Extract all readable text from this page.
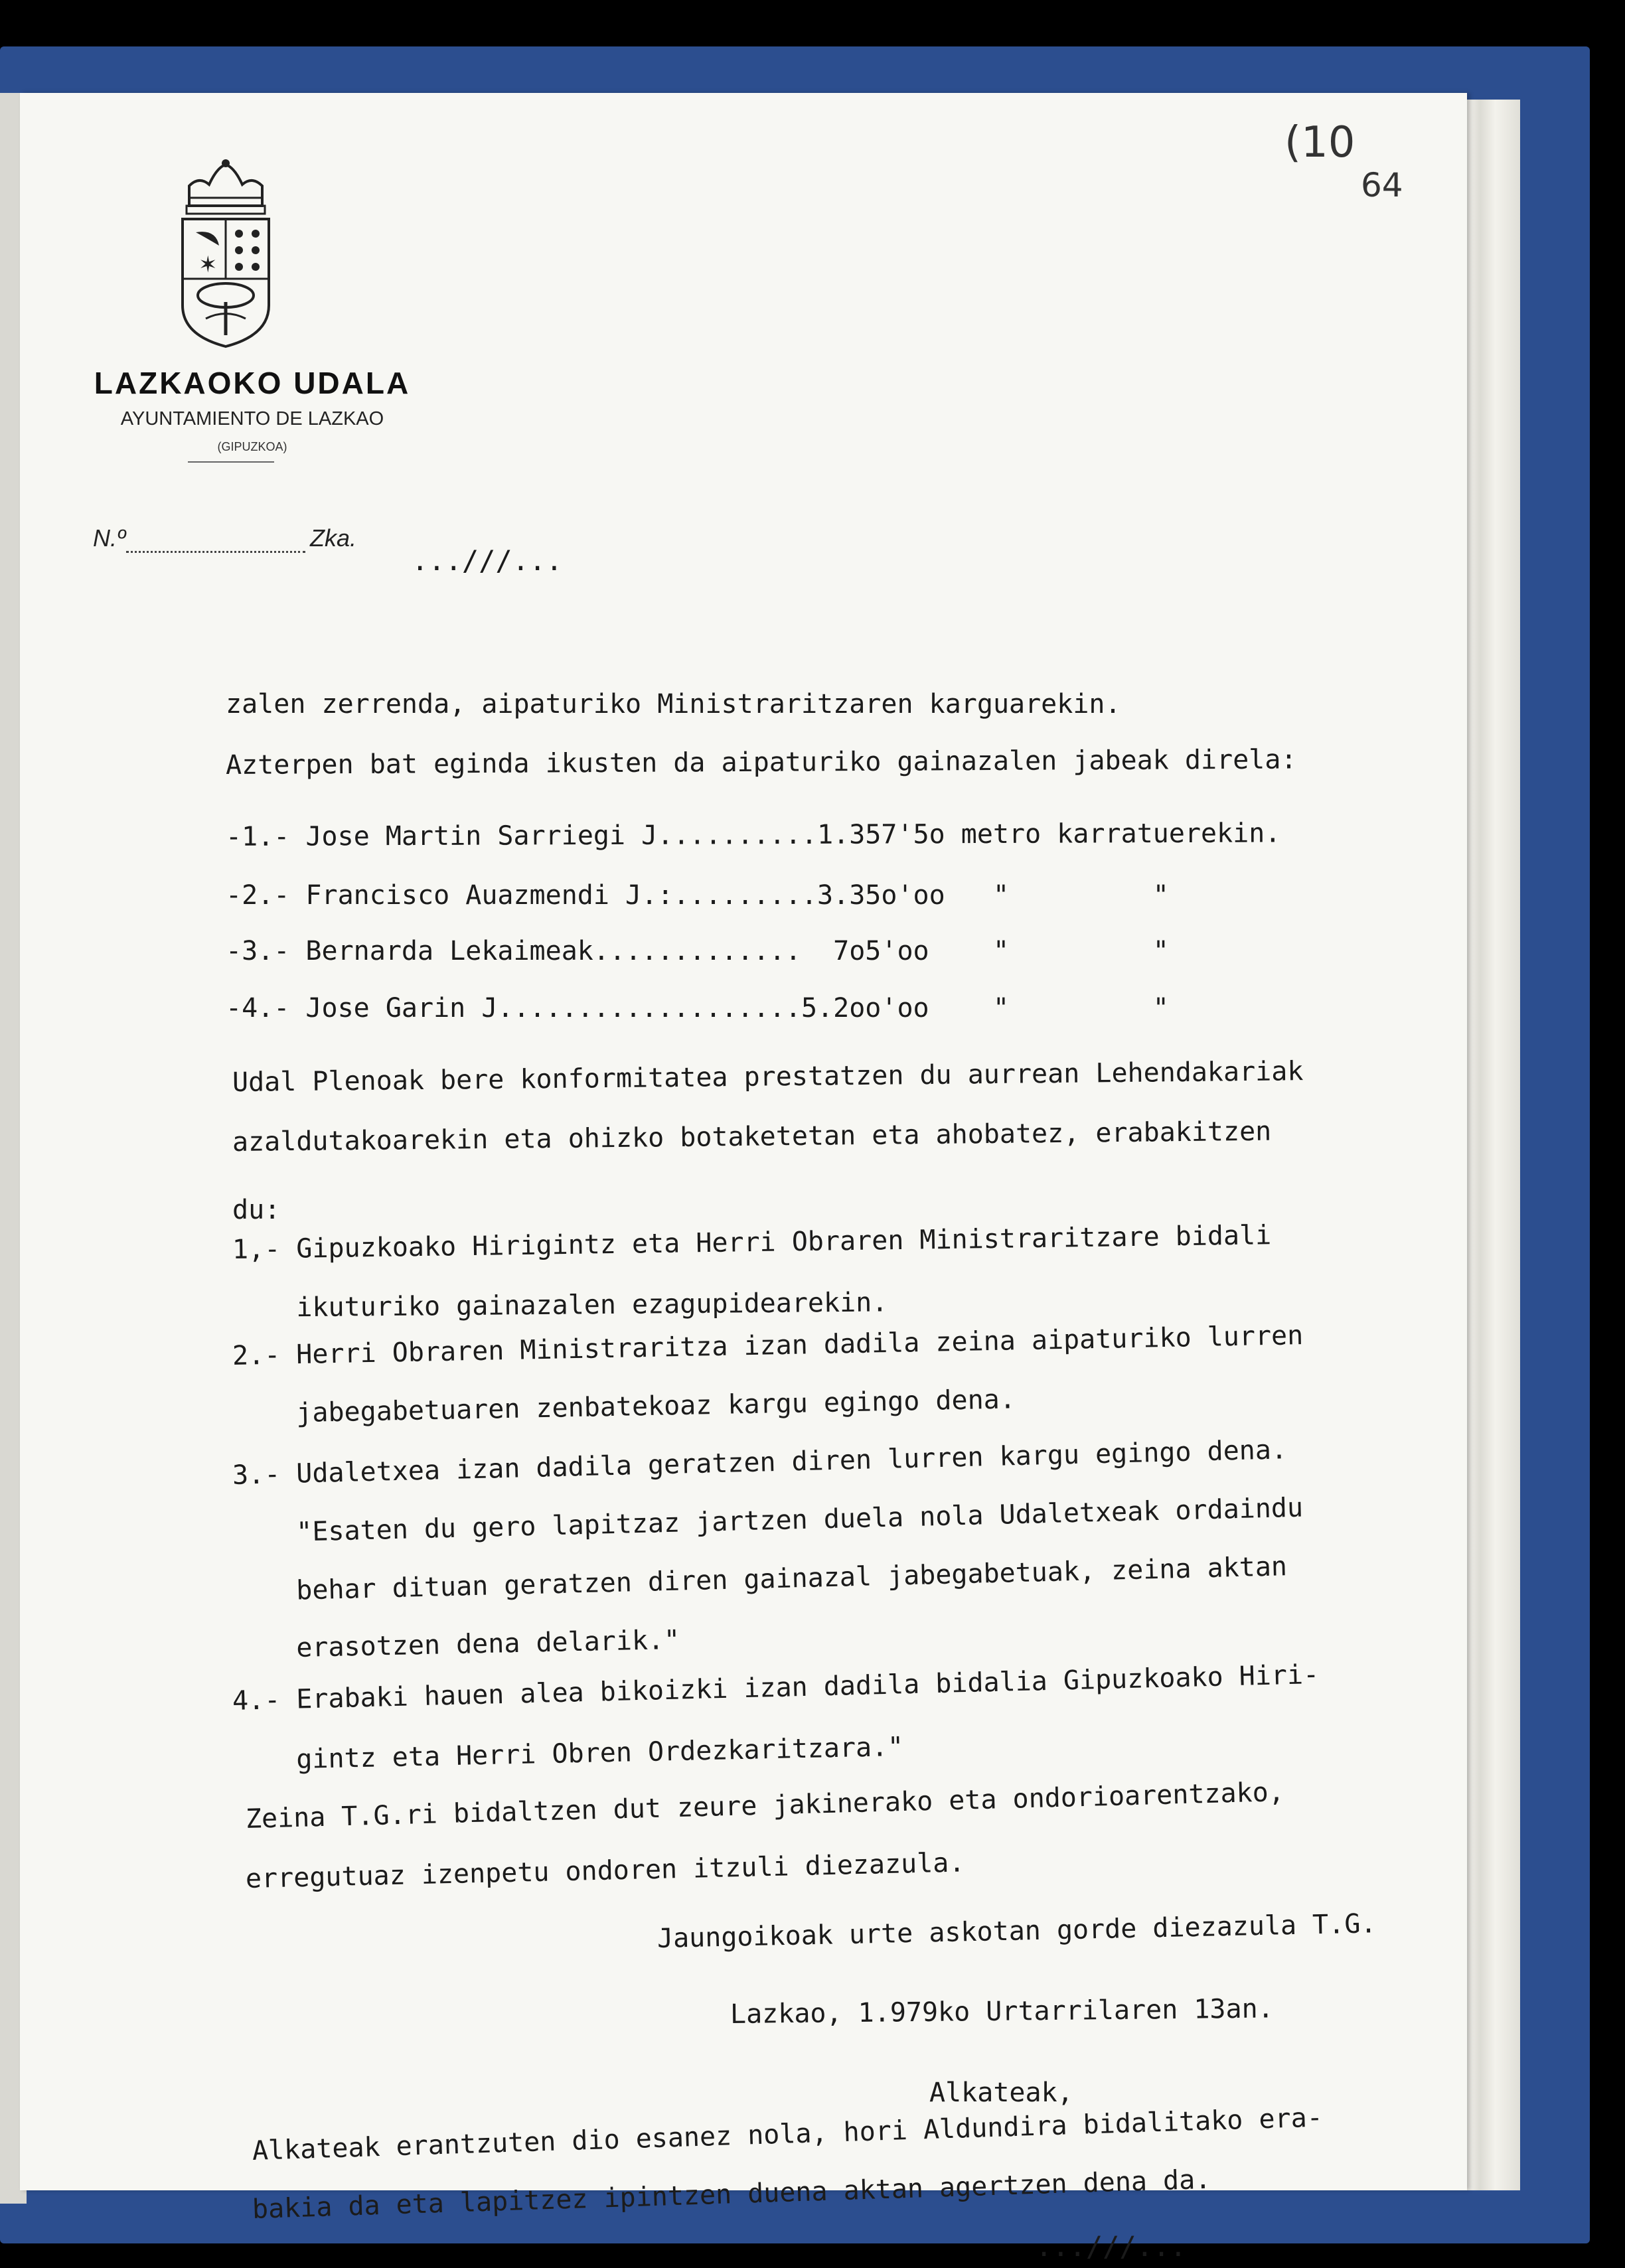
✶
LAZKAOKO UDALA
AYUNTAMIENTO DE LAZKAO
(GIPUZKOA)
N.º	Zka.
(10
64
...///...
zalen zerrenda, aipaturiko Ministraritzaren karguarekin.
Azterpen bat eginda ikusten da aipaturiko gainazalen jabeak direla:
-1.- Jose Martin Sarriegi J..........1.357'5o metro karratuerekin.
-2.- Francisco Auazmendi J.:.........3.35o'oo   "         "
-3.- Bernarda Lekaimeak.............  7o5'oo    "         "
-4.- Jose Garin J...................5.2oo'oo    "         "
Udal Plenoak bere konformitatea prestatzen du aurrean Lehendakariak
azaldutakoarekin eta ohizko botaketetan eta ahobatez, erabakitzen
du:
1,- Gipuzkoako Hirigintz eta Herri Obraren Ministraritzare bidali
ikuturiko gainazalen ezagupidearekin.
2.- Herri Obraren Ministraritza izan dadila zeina aipaturiko lurren
jabegabetuaren zenbatekoaz kargu egingo dena.
3.- Udaletxea izan dadila geratzen diren lurren kargu egingo dena.
"Esaten du gero lapitzaz jartzen duela nola Udaletxeak ordaindu
behar dituan geratzen diren gainazal jabegabetuak, zeina aktan
erasotzen dena delarik."
4.- Erabaki hauen alea bikoizki izan dadila bidalia Gipuzkoako Hiri-
gintz eta Herri Obren Ordezkaritzara."
Zeina T.G.ri bidaltzen dut zeure jakinerako eta ondorioarentzako,
erregutuaz izenpetu ondoren itzuli diezazula.
Jaungoikoak urte askotan gorde diezazula T.G.
Lazkao, 1.979ko Urtarrilaren 13an.
Alkateak,
Alkateak erantzuten dio esanez nola, hori Aldundira bidalitako era-
bakia da eta lapitzez ipintzen duena aktan agertzen dena da.
...///...
